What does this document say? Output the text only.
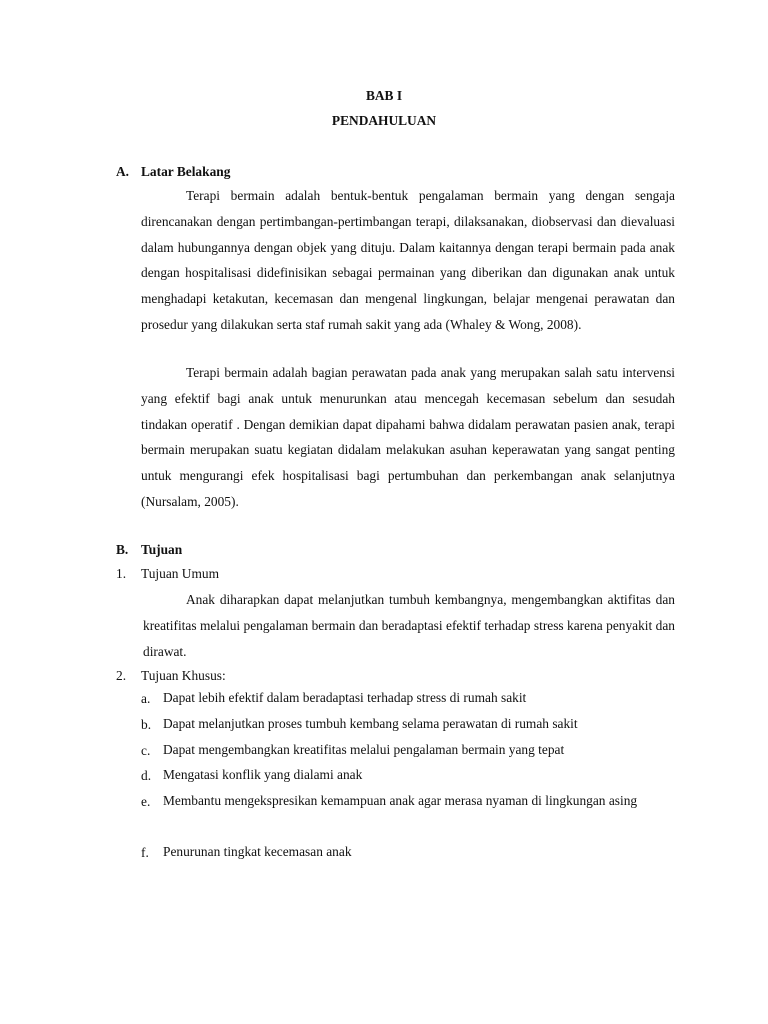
BAB I
PENDAHULUAN
A. Latar Belakang

Terapi bermain adalah bentuk-bentuk pengalaman bermain yang dengan sengaja direncanakan dengan pertimbangan-pertimbangan terapi, dilaksanakan, diobservasi dan dievaluasi dalam hubungannya dengan objek yang dituju. Dalam kaitannya dengan terapi bermain pada anak dengan hospitalisasi didefinisikan sebagai permainan yang diberikan dan digunakan anak untuk menghadapi ketakutan, kecemasan dan mengenal lingkungan, belajar mengenai perawatan dan prosedur yang dilakukan serta staf rumah sakit yang ada (Whaley & Wong, 2008).

Terapi bermain adalah bagian perawatan pada anak yang merupakan salah satu intervensi yang efektif bagi anak untuk menurunkan atau mencegah kecemasan sebelum dan sesudah tindakan operatif . Dengan demikian dapat dipahami bahwa didalam perawatan pasien anak, terapi bermain merupakan suatu kegiatan didalam melakukan asuhan keperawatan yang sangat penting untuk mengurangi efek hospitalisasi bagi pertumbuhan dan perkembangan anak selanjutnya (Nursalam, 2005).

B. Tujuan
1. Tujuan Umum

Anak diharapkan dapat melanjutkan tumbuh kembangnya, mengembangkan aktifitas dan kreatifitas melalui pengalaman bermain dan beradaptasi efektif terhadap stress karena penyakit dan dirawat.

2. Tujuan Khusus:
a. Dapat lebih efektif dalam beradaptasi terhadap stress di rumah sakit

b. Dapat melanjutkan proses tumbuh kembang selama perawatan di rumah sakit

c. Dapat mengembangkan kreatifitas melalui pengalaman bermain yang tepat

d. Mengatasi konflik yang dialami anak

e. Membantu mengekspresikan kemampuan anak agar merasa nyaman di lingkungan asing

f. Penurunan tingkat kecemasan anak
